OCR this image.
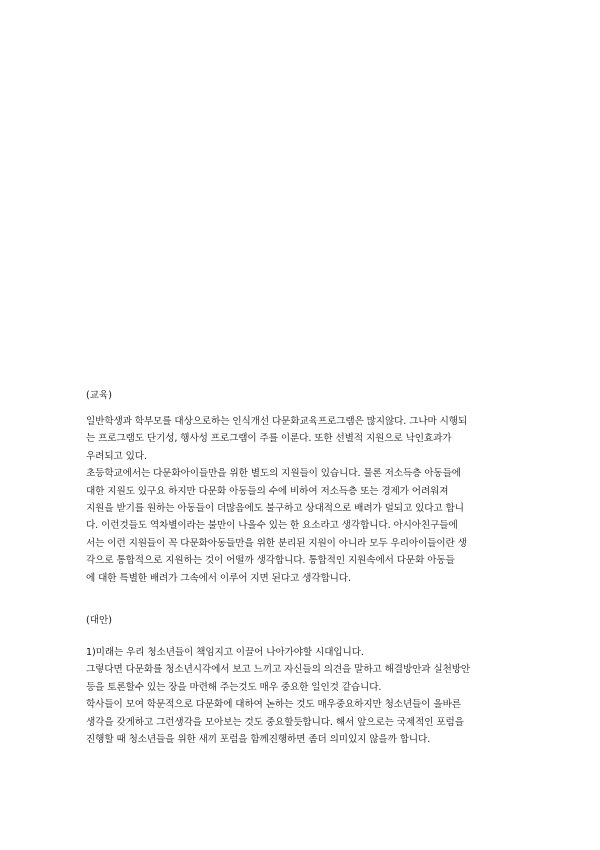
(교육)
일반학생과 학부모를 대상으로하는 인식개선 다문화교육프로그램은 많지않다. 그나마 시행되
는 프로그램도 단기성, 행사성 프로그램이 주를 이룬다. 또한 선별적 지원으로 낙인효과가
우려되고 있다.
초등학교에서는 다문화아이들만을 위한 별도의 지원들이 있습니다. 물론 저소득층 아동들에
대한 지원도 있구요 하지만 다문화 아동들의 수에 비하여 저소득층 또는 경제가 어려워져
지원을 받기를 원하는 아동들이 더많음에도 불구하고 상대적으로 배려가 덜되고 있다고 합니
다. 이런것들도 역차별이라는 불만이 나올수 있는 한 요소라고 생각합니다. 아시아친구들에
서는 이런 지원들이 꼭 다문화아동들만을 위한 분리된 지원이 아니라 모두 우리아이들이란 생
각으로 통합적으로 지원하는 것이 어떨까 생각합니다. 통합적인 지원속에서 다문화 아동들
에 대한 특별한 배려가 그속에서 이루어 지면 된다고 생각합니다.
(대안)
1)미래는 우리 청소년들이 책임지고 이끌어 나아가야할 시대입니다.
그렇다면 다문화를 청소년시각에서 보고 느끼고 자신들의 의견을 말하고 해결방안과 실천방안
등을 토론할수 있는 장을 마련해 주는것도 매우 중요한 일인것 같습니다.
학사들이 모여 학문적으로 다문화에 대하여 논하는 것도 매우중요하지만 청소년들이 올바른
생각을 갖게하고 그런생각을 모아보는 것도 중요할듯합니다. 해서 앞으로는 국제적인 포럼을
진행할 때 청소년들을 위한 새끼 포럼을 함께진행하면 좀더 의미있지 않을까 합니다.
